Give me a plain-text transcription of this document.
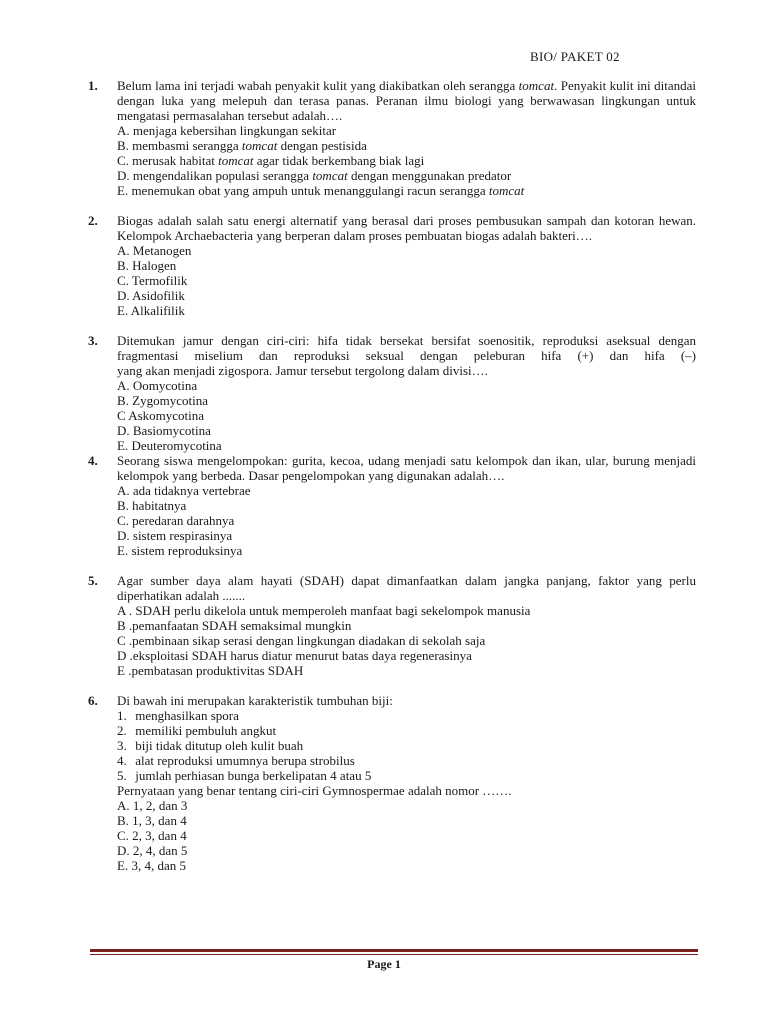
BIO/ PAKET 02
1.	Belum lama ini terjadi wabah penyakit kulit yang diakibatkan oleh serangga tomcat. Penyakit kulit ini ditandai dengan luka yang melepuh dan terasa panas. Peranan ilmu biologi yang berwawasan lingkungan untuk mengatasi permasalahan tersebut adalah….
A. menjaga kebersihan lingkungan sekitar
B. membasmi serangga tomcat dengan pestisida
C. merusak habitat tomcat agar tidak berkembang biak lagi
D. mengendalikan populasi serangga tomcat dengan menggunakan predator
E. menemukan obat yang ampuh untuk menanggulangi racun serangga tomcat
2.	Biogas adalah salah satu energi alternatif yang berasal dari proses pembusukan sampah dan kotoran hewan. Kelompok Archaebacteria yang berperan dalam proses pembuatan biogas adalah bakteri….
A. Metanogen
B. Halogen
C. Termofilik
D. Asidofilik
E. Alkalifilik
3.	Ditemukan jamur dengan ciri-ciri: hifa tidak bersekat bersifat soenositik, reproduksi aseksual dengan fragmentasi miselium dan reproduksi seksual dengan peleburan hifa (+) dan hifa (–)
yang akan menjadi zigospora. Jamur tersebut tergolong dalam divisi….
A. Oomycotina
B. Zygomycotina
C Askomycotina
D. Basiomycotina
E. Deuteromycotina
4.	Seorang siswa mengelompokan: gurita, kecoa, udang menjadi satu kelompok dan ikan, ular, burung menjadi kelompok yang berbeda. Dasar pengelompokan yang digunakan adalah….
A. ada tidaknya vertebrae
B. habitatnya
C. peredaran darahnya
D. sistem respirasinya
E. sistem reproduksinya
5.	Agar sumber daya alam hayati (SDAH) dapat dimanfaatkan dalam jangka panjang, faktor yang perlu diperhatikan adalah .......
A . SDAH perlu dikelola untuk memperoleh manfaat bagi sekelompok manusia
B .pemanfaatan SDAH semaksimal mungkin
C .pembinaan sikap serasi dengan lingkungan diadakan di sekolah saja
D .eksploitasi SDAH harus diatur menurut batas daya regenerasinya
E .pembatasan produktivitas SDAH
6.	Di bawah ini merupakan karakteristik tumbuhan biji:
1. menghasilkan spora
2. memiliki pembuluh angkut
3. biji tidak ditutup oleh kulit buah
4. alat reproduksi umumnya berupa strobilus
5. jumlah perhiasan bunga berkelipatan 4 atau 5
Pernyataan yang benar tentang ciri-ciri Gymnospermae adalah nomor …….
A. 1, 2, dan 3
B. 1, 3, dan 4
C. 2, 3, dan 4
D. 2, 4, dan 5
E. 3, 4, dan 5
Page 1
